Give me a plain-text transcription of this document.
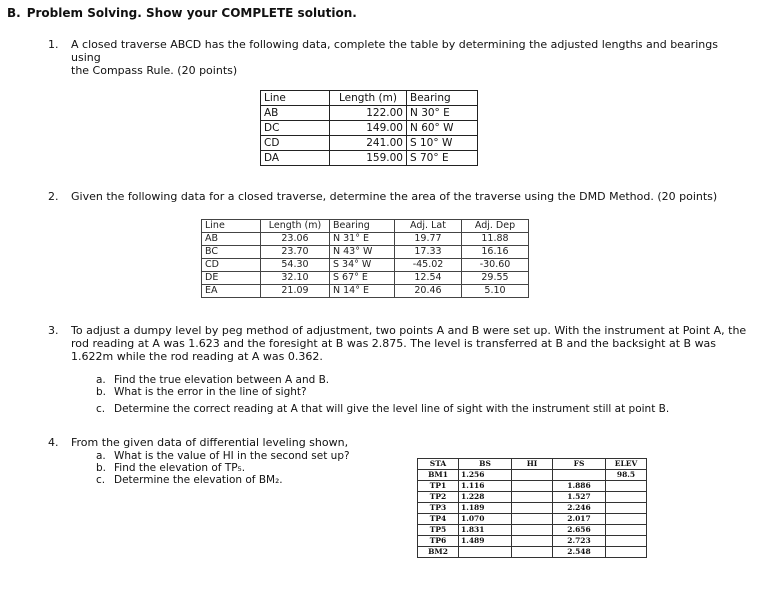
B. Problem Solving. Show your COMPLETE solution.
1. A closed traverse ABCD has the following data, complete the table by determining the adjusted lengths and bearings using
the Compass Rule. (20 points)
Line	Length (m)	Bearing
AB	122.00	N 30° E
DC	149.00	N 60° W
CD	241.00	S 10° W
DA	159.00	S 70° E
2. Given the following data for a closed traverse, determine the area of the traverse using the DMD Method. (20 points)
Line	Length (m)	Bearing	Adj. Lat	Adj. Dep
AB	23.06	N 31° E	19.77	11.88
BC	23.70	N 43° W	17.33	16.16
CD	54.30	S 34° W	-45.02	-30.60
DE	32.10	S 67° E	12.54	29.55
EA	21.09	N 14° E	20.46	5.10
3. To adjust a dumpy level by peg method of adjustment, two points A and B were set up. With the instrument at Point A, the
rod reading at A was 1.623 and the foresight at B was 2.875. The level is transferred at B and the backsight at B was
1.622m while the rod reading at A was 0.362.
a. Find the true elevation between A and B.
b. What is the error in the line of sight?
c. Determine the correct reading at A that will give the level line of sight with the instrument still at point B.
4. From the given data of differential leveling shown,
a. What is the value of HI in the second set up?
b. Find the elevation of TP₅.
c. Determine the elevation of BM₂.
STA	BS	HI	FS	ELEV
BM1	1.256			98.5
TP1	1.116		1.886	
TP2	1.228		1.527	
TP3	1.189		2.246	
TP4	1.070		2.017	
TP5	1.831		2.656	
TP6	1.489		2.723	
BM2			2.548	
